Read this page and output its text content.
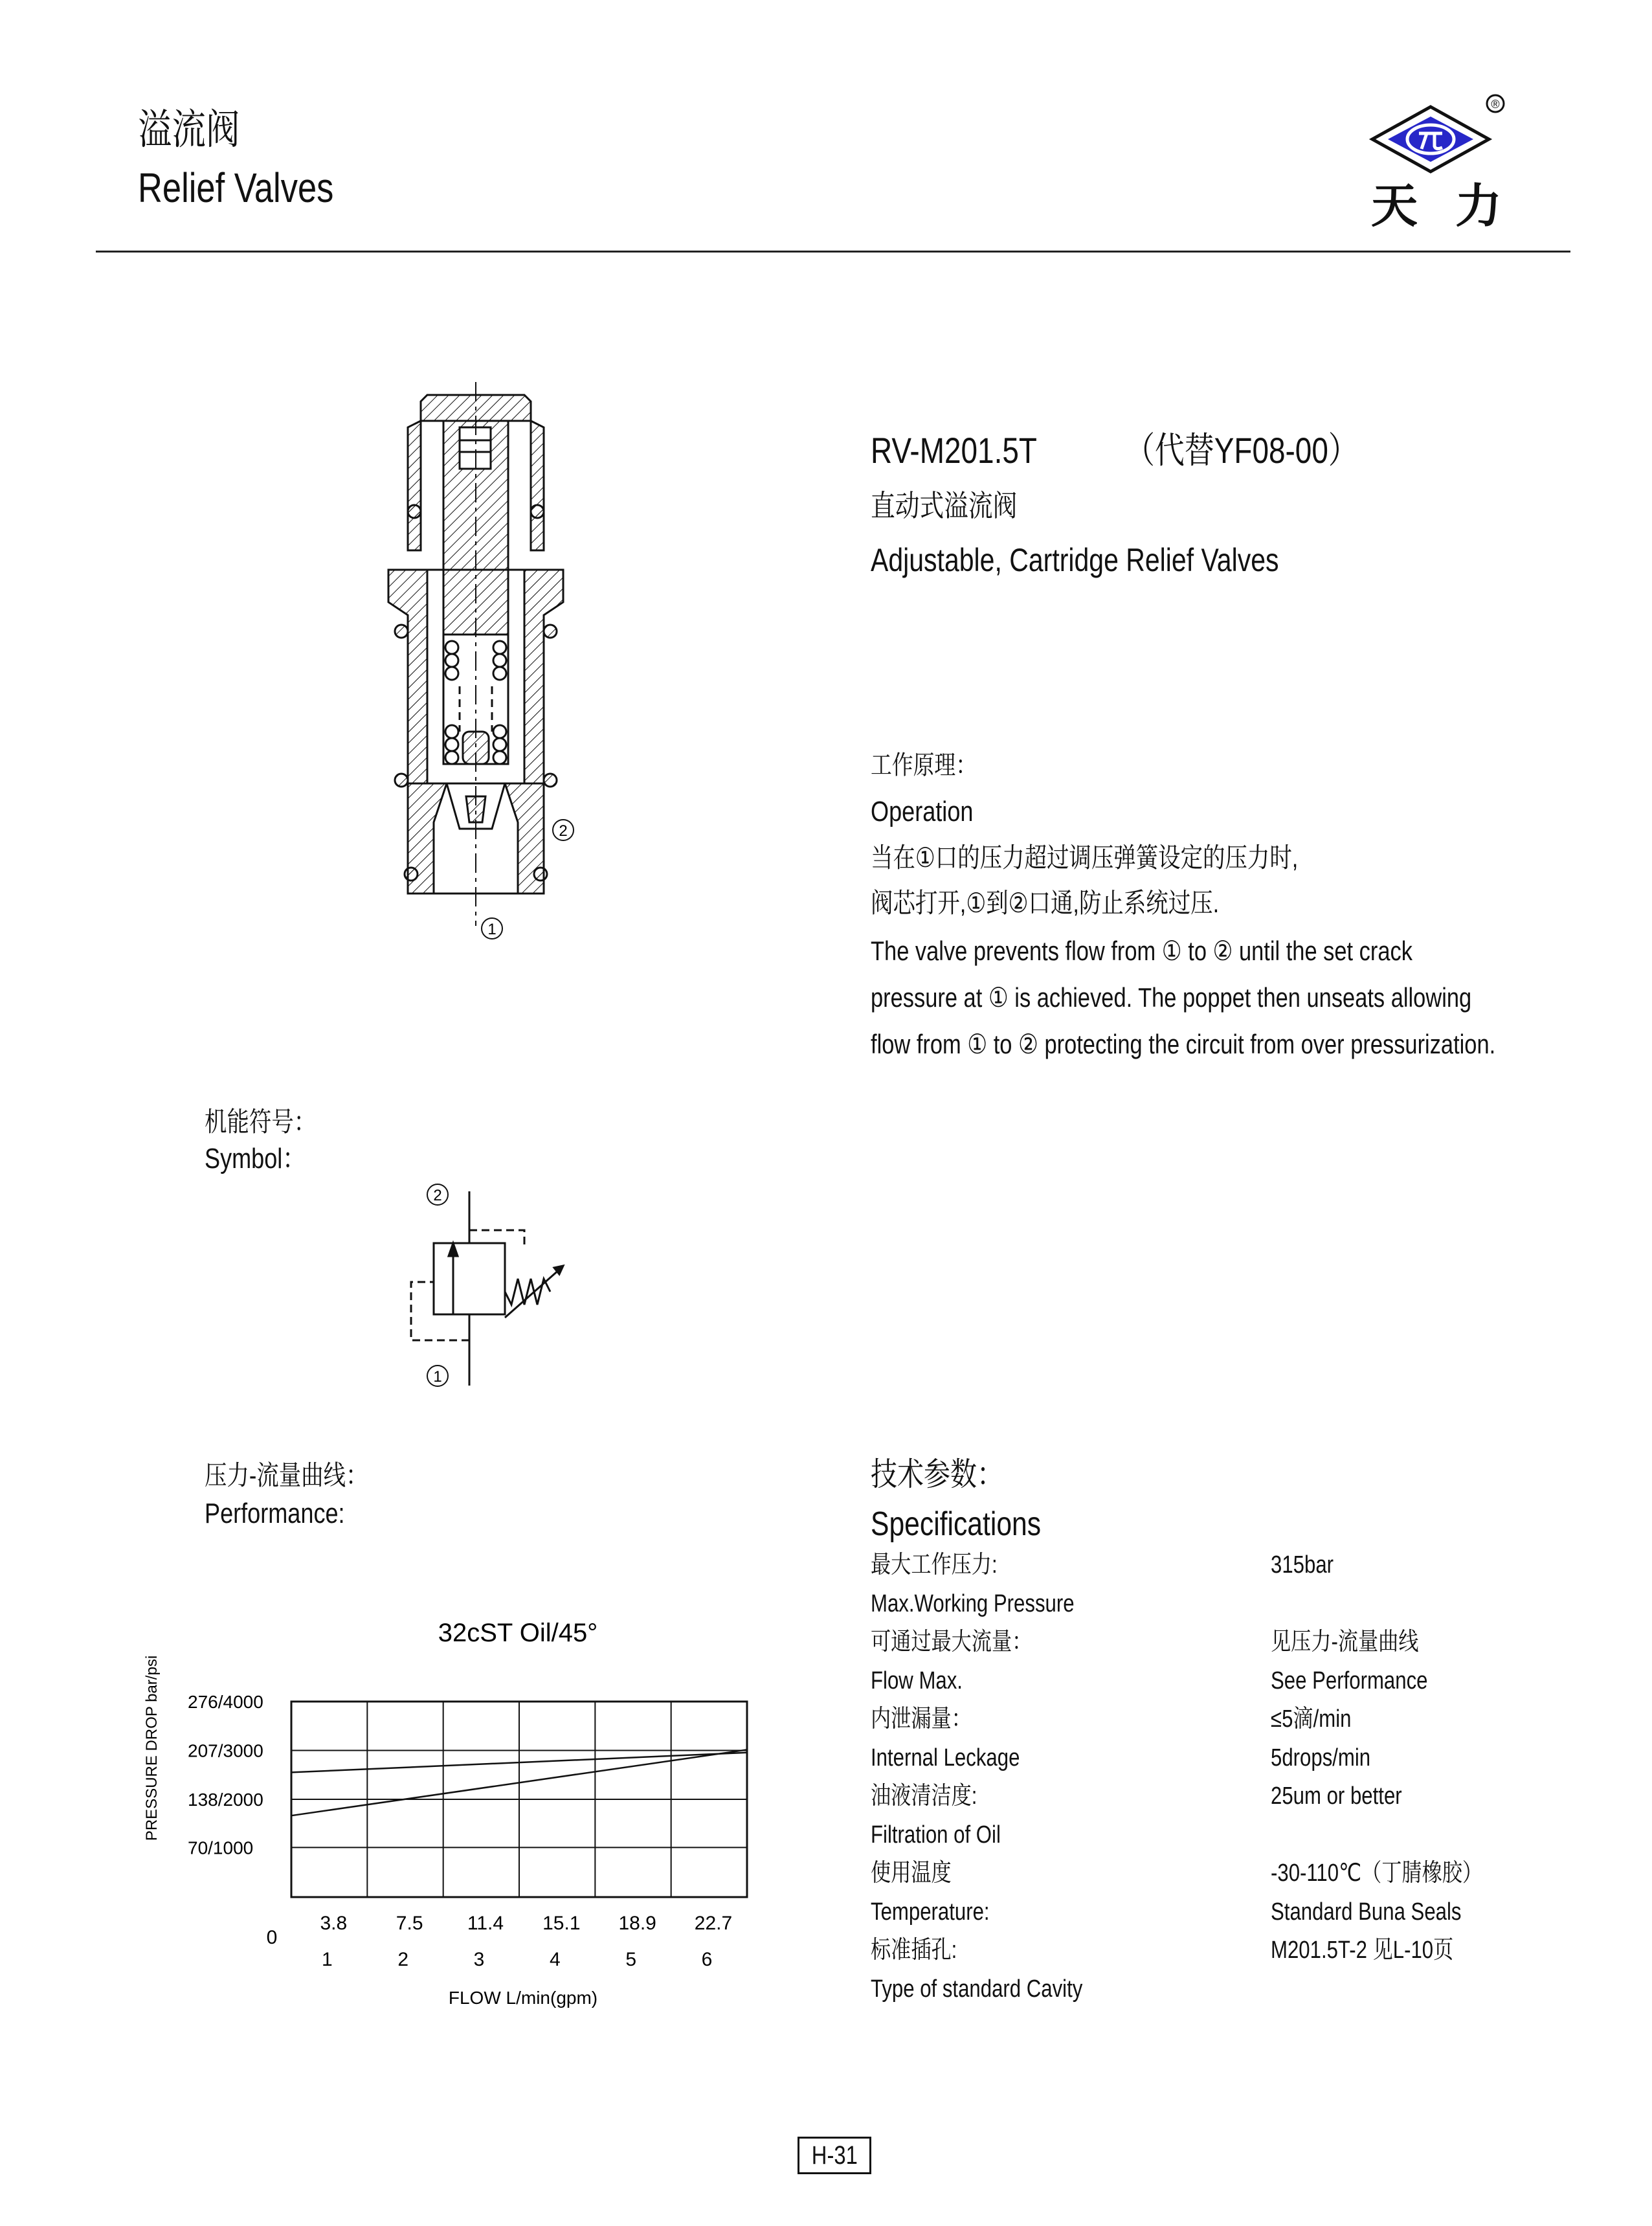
溢流阀
Relief Valves
®
天力
2
1
RV-M201.5T	（代替YF08-00）
直动式溢流阀
Adjustable, Cartridge Relief Valves
工作原理：
Operation
当在①口的压力超过调压弹簧设定的压力时,
阀芯打开,①到②口通,防止系统过压.
The valve prevents flow from ① to ② until the set crack
pressure at ① is achieved. The poppet then unseats allowing
flow from ① to ② protecting the circuit from over pressurization.
机能符号：
Symbol：
2
1
压力-流量曲线：
Performance:
32cST Oil/45°
PRESSURE DROP bar/psi 276/4000
207/3000
138/2000
70/1000
3.8
1
7.5
2
11.4
3
15.1
4
18.9
5
22.7
6
0
FLOW L/min(gpm)
技术参数：
Specifications
最大工作压力:
Max.Working Pressure
可通过最大流量：
Flow Max.
内泄漏量：
Internal Leckage
油液清洁度:
Filtration of Oil
使用温度
Temperature:
标准插孔:
Type of standard Cavity
315bar
见压力-流量曲线
See Performance
≤5滴/min
5drops/min
25um or better
-30-110℃（丁腈橡胶）
Standard Buna Seals
M201.5T-2 见L-10页
H-31
